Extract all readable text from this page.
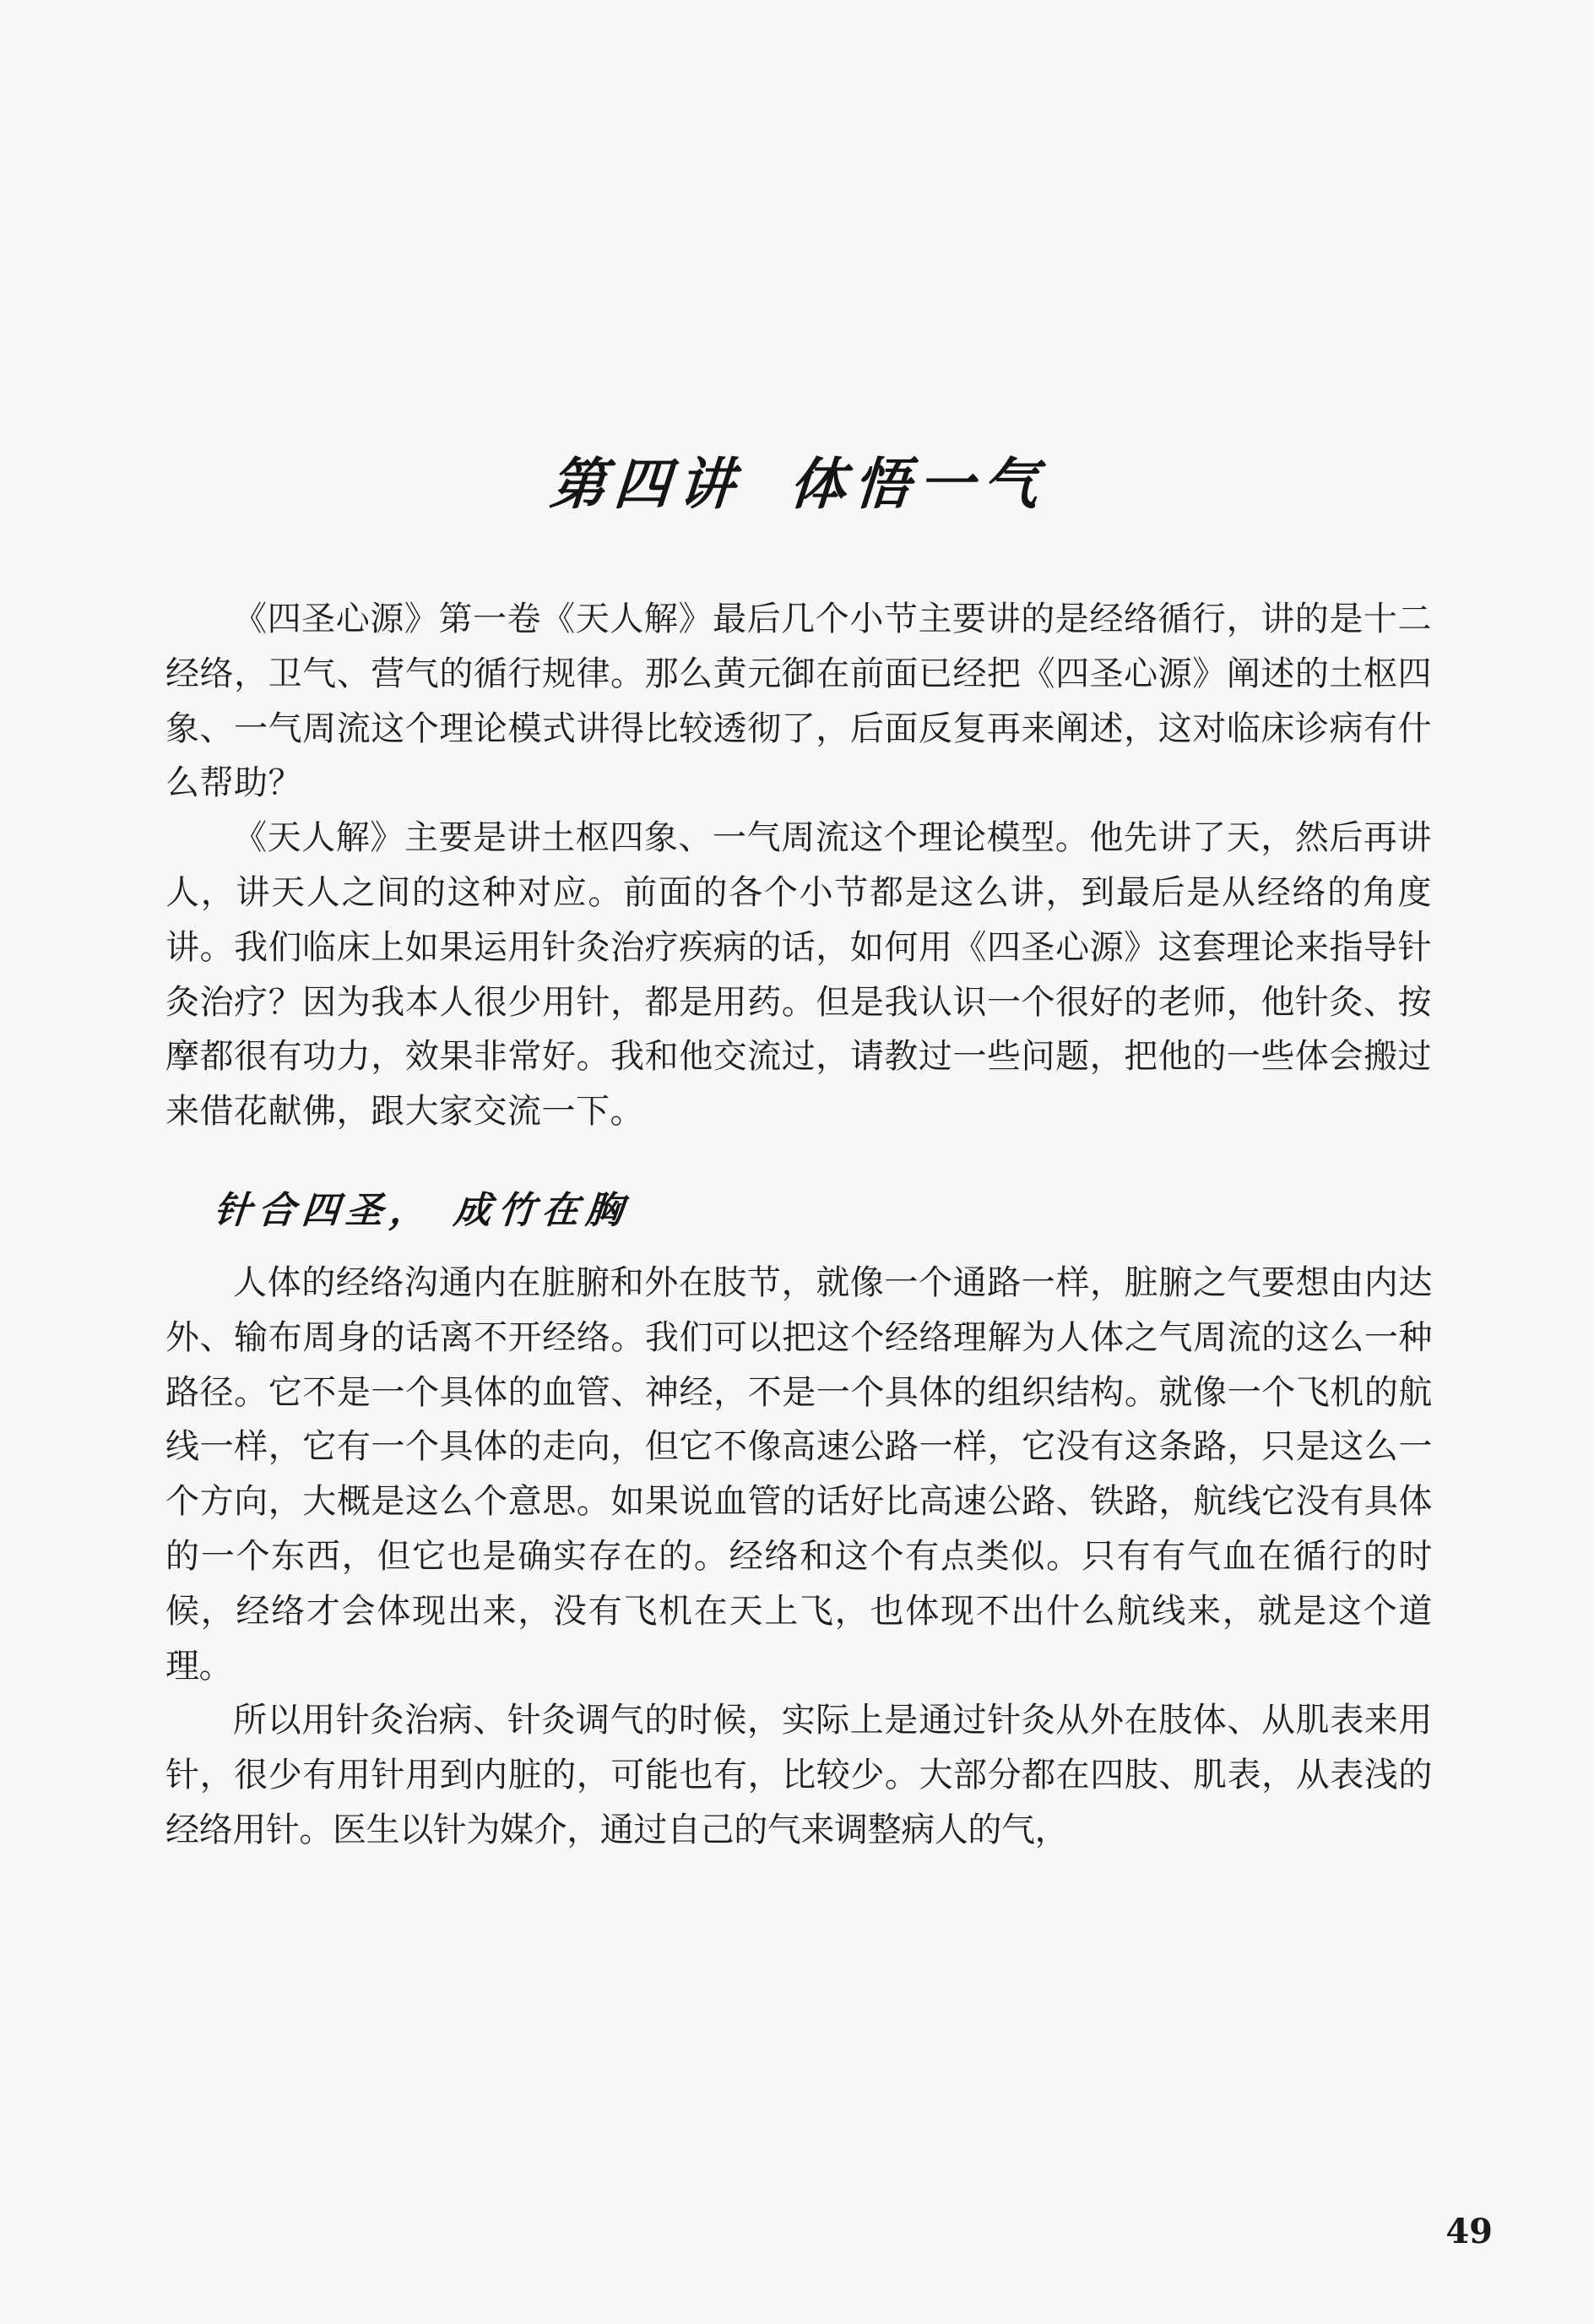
第四讲 体悟一气

《四圣心源》第一卷《天人解》最后几个小节主要讲的是经络循行，讲的是十二经络，卫气、营气的循行规律。那么黄元御在前面已经把《四圣心源》阐述的土枢四象、一气周流这个理论模式讲得比较透彻了，后面反复再来阐述，这对临床诊病有什么帮助？

《天人解》主要是讲土枢四象、一气周流这个理论模型。他先讲了天，然后再讲人，讲天人之间的这种对应。前面的各个小节都是这么讲，到最后是从经络的角度讲。我们临床上如果运用针灸治疗疾病的话，如何用《四圣心源》这套理论来指导针灸治疗？因为我本人很少用针，都是用药。但是我认识一个很好的老师，他针灸、按摩都很有功力，效果非常好。我和他交流过，请教过一些问题，把他的一些体会搬过来借花献佛，跟大家交流一下。

针合四圣， 成竹在胸

人体的经络沟通内在脏腑和外在肢节，就像一个通路一样，脏腑之气要想由内达外、输布周身的话离不开经络。我们可以把这个经络理解为人体之气周流的这么一种路径。它不是一个具体的血管、神经，不是一个具体的组织结构。就像一个飞机的航线一样，它有一个具体的走向，但它不像高速公路一样，它没有这条路，只是这么一个方向，大概是这么个意思。如果说血管的话好比高速公路、铁路，航线它没有具体的一个东西，但它也是确实存在的。经络和这个有点类似。只有有气血在循行的时候，经络才会体现出来，没有飞机在天上飞，也体现不出什么航线来，就是这个道理。

所以用针灸治病、针灸调气的时候，实际上是通过针灸从外在肢体、从肌表来用针，很少有用针用到内脏的，可能也有，比较少。大部分都在四肢、肌表，从表浅的经络用针。医生以针为媒介，通过自己的气来调整病人的气，

49
